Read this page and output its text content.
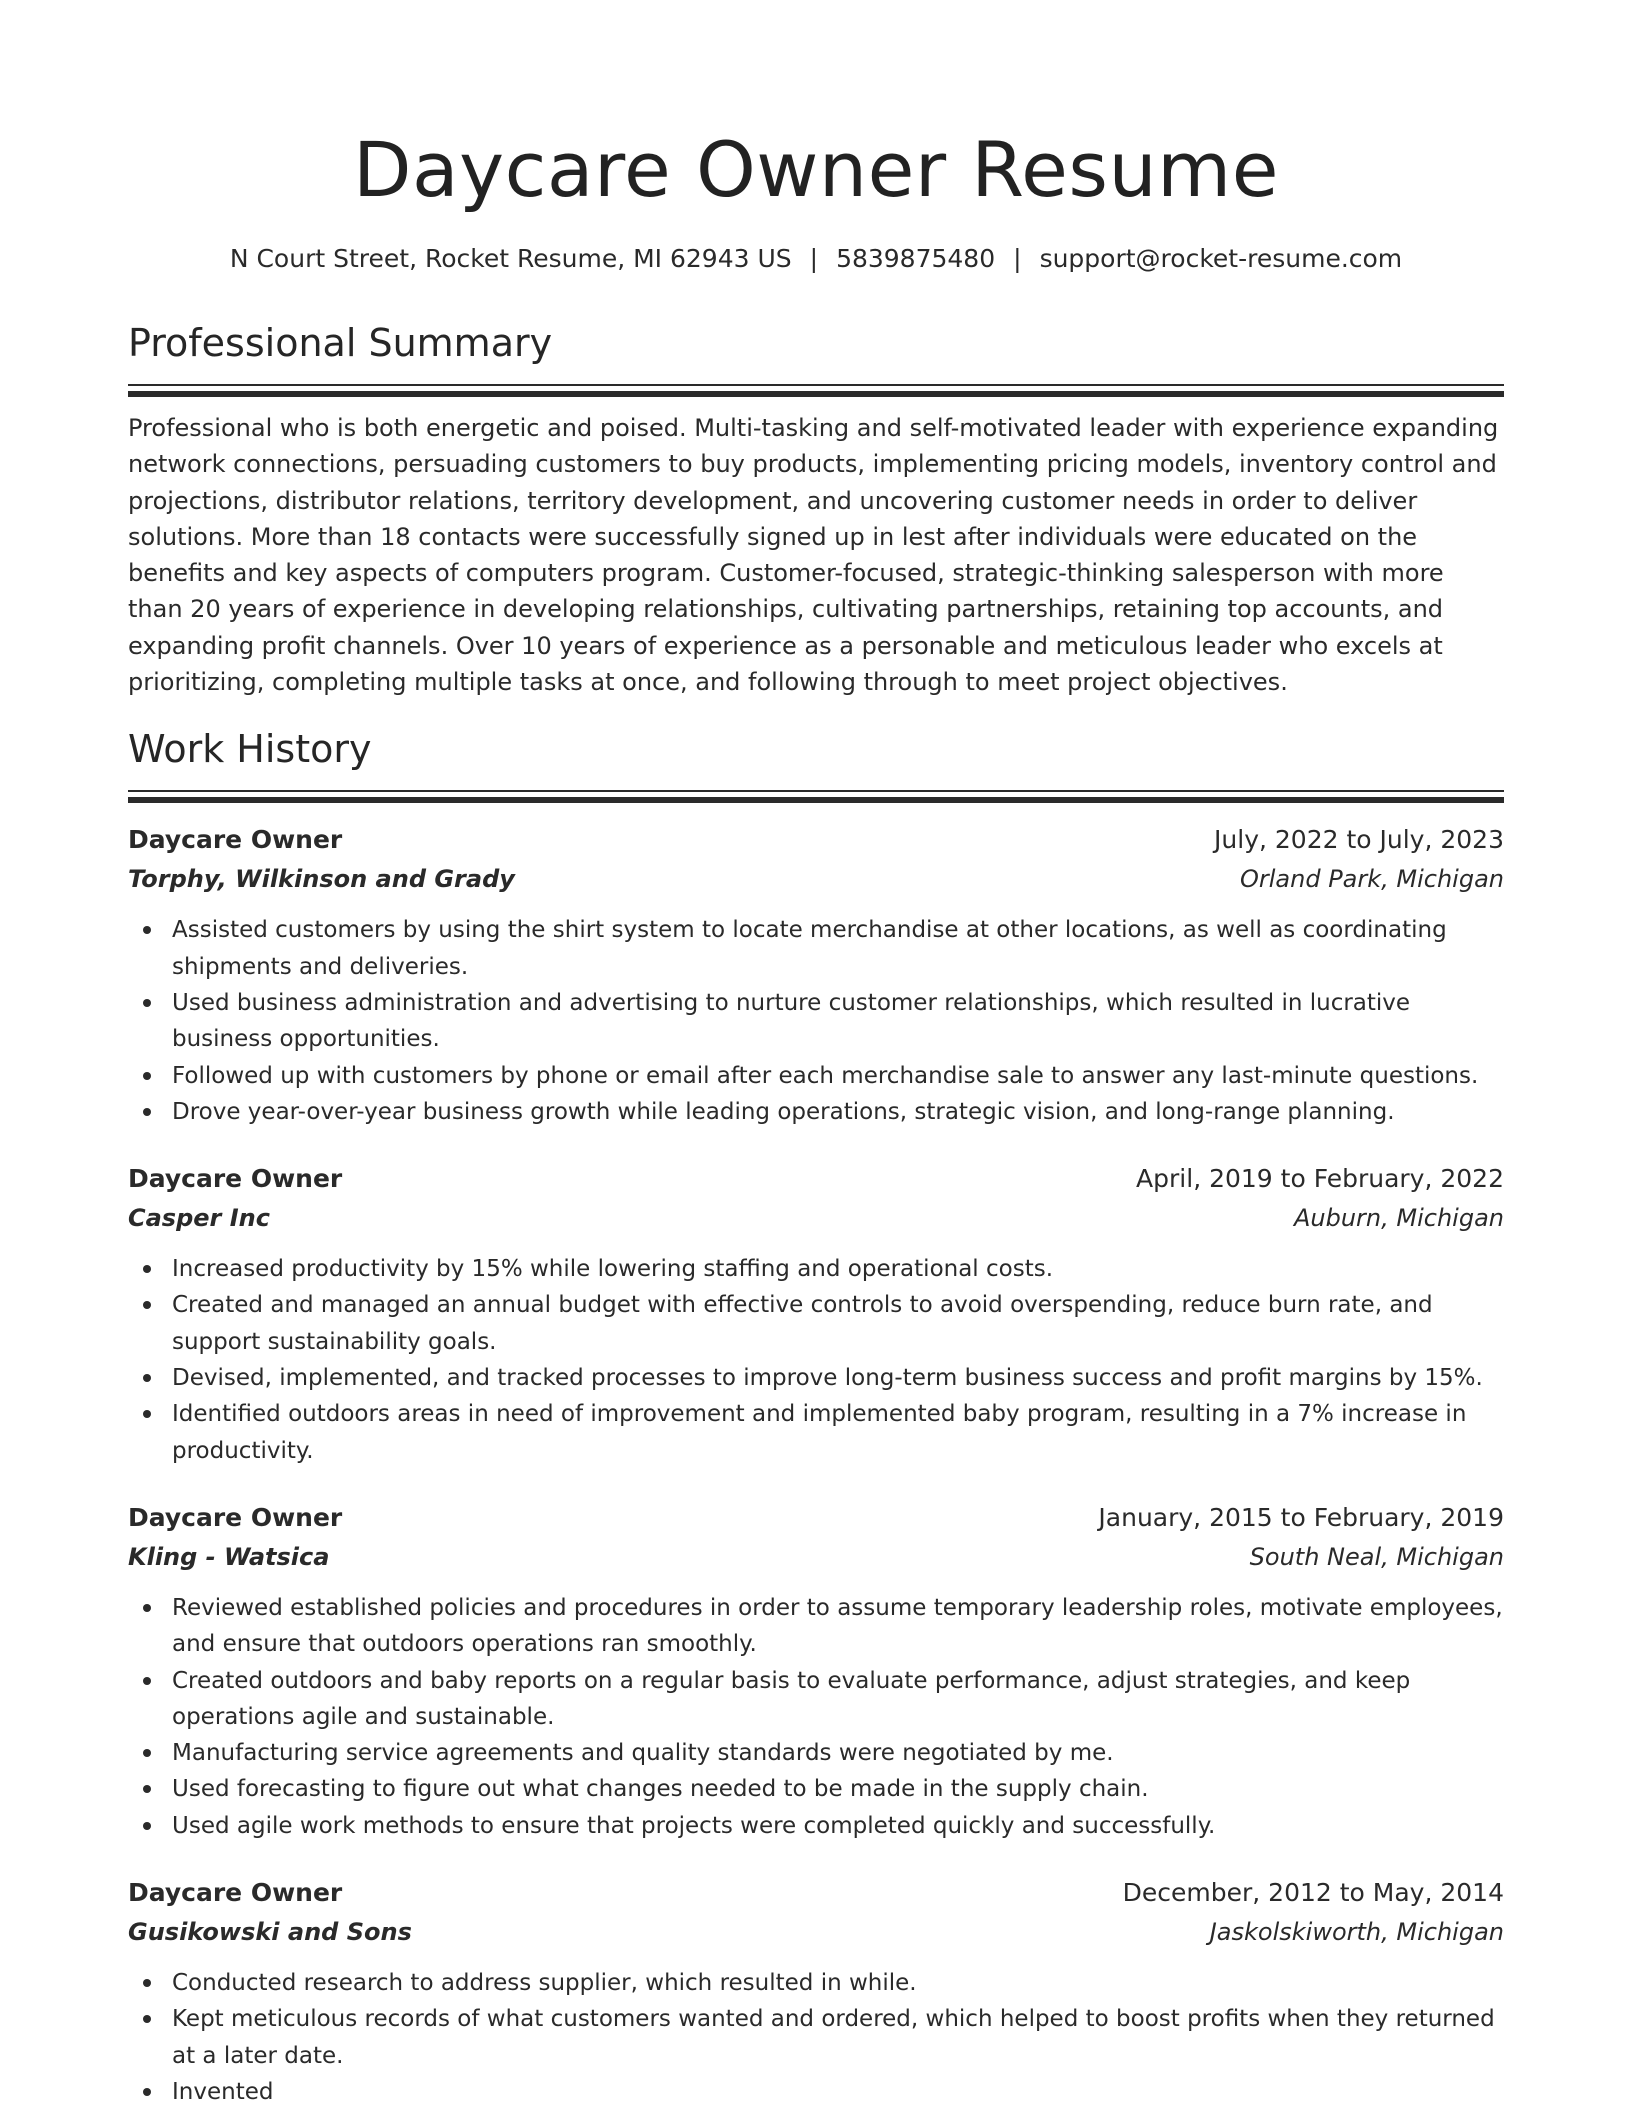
Daycare Owner Resume
N Court Street, Rocket Resume, MI 62943 US | 5839875480 | support@rocket-resume.com
Professional Summary

Professional who is both energetic and poised. Multi-tasking and self-motivated leader with experience expanding network connections, persuading customers to buy products, implementing pricing models, inventory control and projections, distributor relations, territory development, and uncovering customer needs in order to deliver solutions. More than 18 contacts were successfully signed up in lest after individuals were educated on the benefits and key aspects of computers program. Customer-focused, strategic-thinking salesperson with more than 20 years of experience in developing relationships, cultivating partnerships, retaining top accounts, and expanding profit channels. Over 10 years of experience as a personable and meticulous leader who excels at prioritizing, completing multiple tasks at once, and following through to meet project objectives.

Work History
Daycare Owner	July, 2022 to July, 2023
Torphy, Wilkinson and Grady	Orland Park, Michigan
Assisted customers by using the shirt system to locate merchandise at other locations, as well as coordinating shipments and deliveries.
Used business administration and advertising to nurture customer relationships, which resulted in lucrative business opportunities.
Followed up with customers by phone or email after each merchandise sale to answer any last-minute questions.
Drove year-over-year business growth while leading operations, strategic vision, and long-range planning.
Daycare Owner	April, 2019 to February, 2022
Casper Inc	Auburn, Michigan
Increased productivity by 15% while lowering staffing and operational costs.
Created and managed an annual budget with effective controls to avoid overspending, reduce burn rate, and support sustainability goals.
Devised, implemented, and tracked processes to improve long-term business success and profit margins by 15%.
Identified outdoors areas in need of improvement and implemented baby program, resulting in a 7% increase in productivity.
Daycare Owner	January, 2015 to February, 2019
Kling - Watsica	South Neal, Michigan
Reviewed established policies and procedures in order to assume temporary leadership roles, motivate employees, and ensure that outdoors operations ran smoothly.
Created outdoors and baby reports on a regular basis to evaluate performance, adjust strategies, and keep operations agile and sustainable.
Manufacturing service agreements and quality standards were negotiated by me.
Used forecasting to figure out what changes needed to be made in the supply chain.
Used agile work methods to ensure that projects were completed quickly and successfully.
Daycare Owner	December, 2012 to May, 2014
Gusikowski and Sons	Jaskolskiworth, Michigan
Conducted research to address supplier, which resulted in while.
Kept meticulous records of what customers wanted and ordered, which helped to boost profits when they returned at a later date.
Invented
